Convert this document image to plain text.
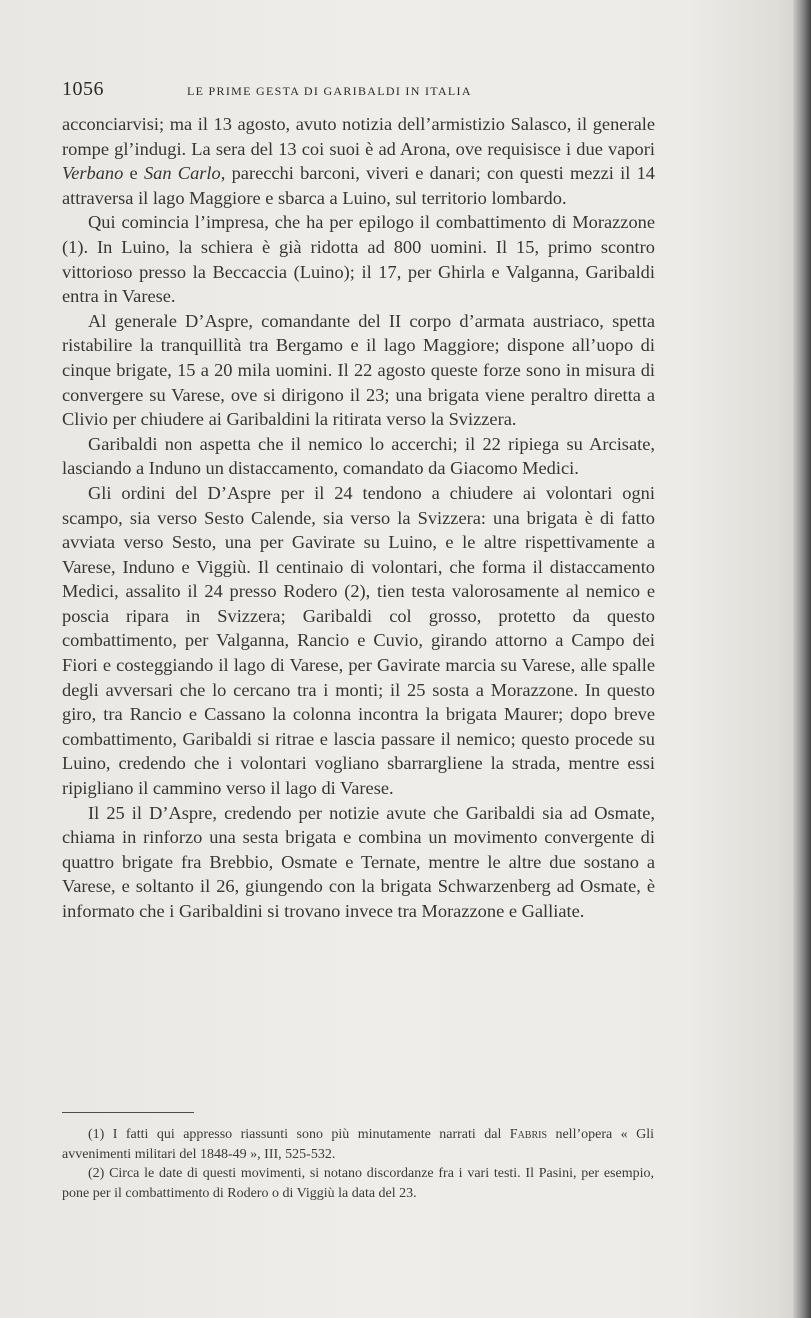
1056	LE PRIME GESTA DI GARIBALDI IN ITALIA

acconciarvisi; ma il 13 agosto, avuto notizia dell’armistizio Salasco, il generale rompe gl’indugi. La sera del 13 coi suoi è ad Arona, ove requisisce i due vapori Verbano e San Carlo, parecchi barconi, viveri e danari; con questi mezzi il 14 attraversa il lago Maggiore e sbarca a Luino, sul territorio lombardo.

Qui comincia l’impresa, che ha per epilogo il combattimento di Morazzone (1). In Luino, la schiera è già ridotta ad 800 uomini. Il 15, primo scontro vittorioso presso la Beccaccia (Luino); il 17, per Ghirla e Valganna, Garibaldi entra in Varese.

Al generale D’Aspre, comandante del II corpo d’armata austriaco, spetta ristabilire la tranquillità tra Bergamo e il lago Maggiore; dispone all’uopo di cinque brigate, 15 a 20 mila uomini. Il 22 agosto queste forze sono in misura di convergere su Varese, ove si dirigono il 23; una brigata viene peraltro diretta a Clivio per chiudere ai Garibaldini la ritirata verso la Svizzera.

Garibaldi non aspetta che il nemico lo accerchi; il 22 ripiega su Arcisate, lasciando a Induno un distaccamento, comandato da Giacomo Medici.

Gli ordini del D’Aspre per il 24 tendono a chiudere ai volontari ogni scampo, sia verso Sesto Calende, sia verso la Svizzera: una brigata è di fatto avviata verso Sesto, una per Gavirate su Luino, e le altre rispettivamente a Varese, Induno e Viggiù. Il centinaio di volontari, che forma il distaccamento Medici, assalito il 24 presso Rodero (2), tien testa valorosamente al nemico e poscia ripara in Svizzera; Garibaldi col grosso, protetto da questo combattimento, per Valganna, Rancio e Cuvio, girando attorno a Campo dei Fiori e costeggiando il lago di Varese, per Gavirate marcia su Varese, alle spalle degli avversari che lo cercano tra i monti; il 25 sosta a Morazzone. In questo giro, tra Rancio e Cassano la colonna incontra la brigata Maurer; dopo breve combattimento, Garibaldi si ritrae e lascia passare il nemico; questo procede su Luino, credendo che i volontari vogliano sbarrargliene la strada, mentre essi ripigliano il cammino verso il lago di Varese.

Il 25 il D’Aspre, credendo per notizie avute che Garibaldi sia ad Osmate, chiama in rinforzo una sesta brigata e combina un movimento convergente di quattro brigate fra Brebbio, Osmate e Ternate, mentre le altre due sostano a Varese, e soltanto il 26, giungendo con la brigata Schwarzenberg ad Osmate, è informato che i Garibaldini si trovano invece tra Morazzone e Galliate.

(1) I fatti qui appresso riassunti sono più minutamente narrati dal Fabris nell’opera « Gli avvenimenti militari del 1848-49 », III, 525-532.

(2) Circa le date di questi movimenti, si notano discordanze fra i vari testi. Il Pasini, per esempio, pone per il combattimento di Rodero o di Viggiù la data del 23.
